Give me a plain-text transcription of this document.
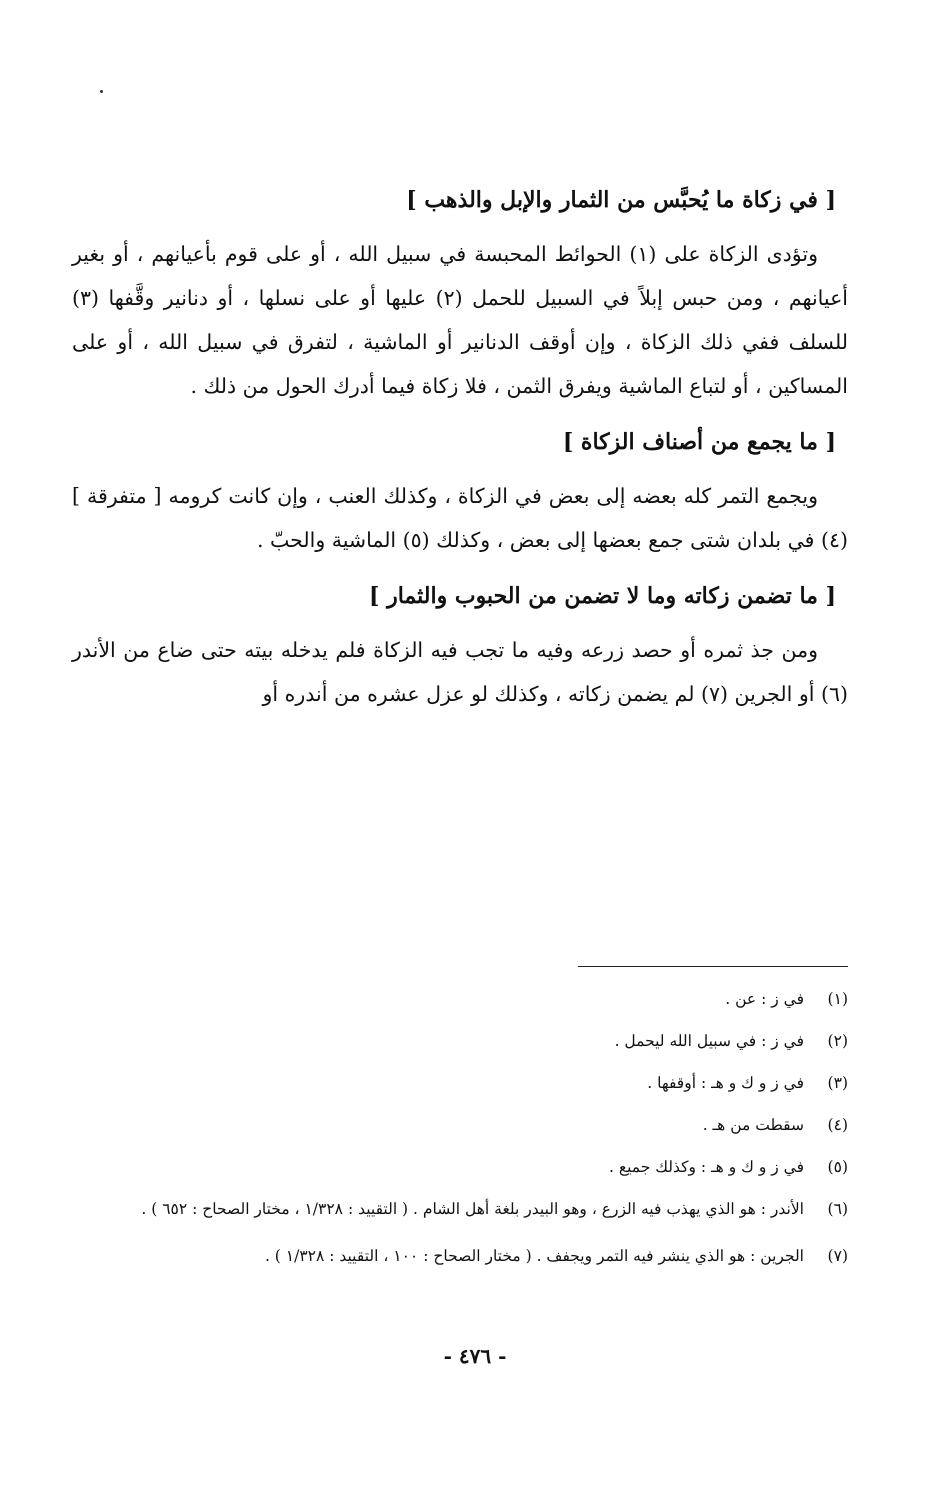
[ في زكاة ما يُحبَّس من الثمار والإبل والذهب ]

وتؤدى الزكاة على (١) الحوائط المحبسة في سبيل الله ، أو على قوم بأعيانهم ، أو بغير أعيانهم ، ومن حبس إبلاً في السبيل للحمل (٢) عليها أو على نسلها ، أو دنانير وقَّفها (٣) للسلف ففي ذلك الزكاة ، وإن أوقف الدنانير أو الماشية ، لتفرق في سبيل الله ، أو على المساكين ، أو لتباع الماشية ويفرق الثمن ، فلا زكاة فيما أدرك الحول من ذلك .

[ ما يجمع من أصناف الزكاة ]

ويجمع التمر كله بعضه إلى بعض في الزكاة ، وكذلك العنب ، وإن كانت كرومه [ متفرقة ] (٤) في بلدان شتى جمع بعضها إلى بعض ، وكذلك (٥) الماشية والحبّ .

[ ما تضمن زكاته وما لا تضمن من الحبوب والثمار ]

ومن جذ ثمره أو حصد زرعه وفيه ما تجب فيه الزكاة فلم يدخله بيته حتى ضاع من الأندر (٦) أو الجرين (٧) لم يضمن زكاته ، وكذلك لو عزل عشره من أندره أو

(١)
في ز : عن .
(٢)
في ز : في سبيل الله ليحمل .
(٣)
في ز و ك و هـ : أوقفها .
(٤)
سقطت من هـ .
(٥)
في ز و ك و هـ : وكذلك جميع .
(٦)
الأندر : هو الذي يهذب فيه الزرع ، وهو البيدر بلغة أهل الشام . ( التقييد : ١/٣٢٨ ، مختار الصحاح : ٦٥٢ ) .
(٧)
الجرين : هو الذي ينشر فيه التمر ويجفف . ( مختار الصحاح : ١٠٠ ، التقييد : ١/٣٢٨ ) .
- ٤٧٦ -
